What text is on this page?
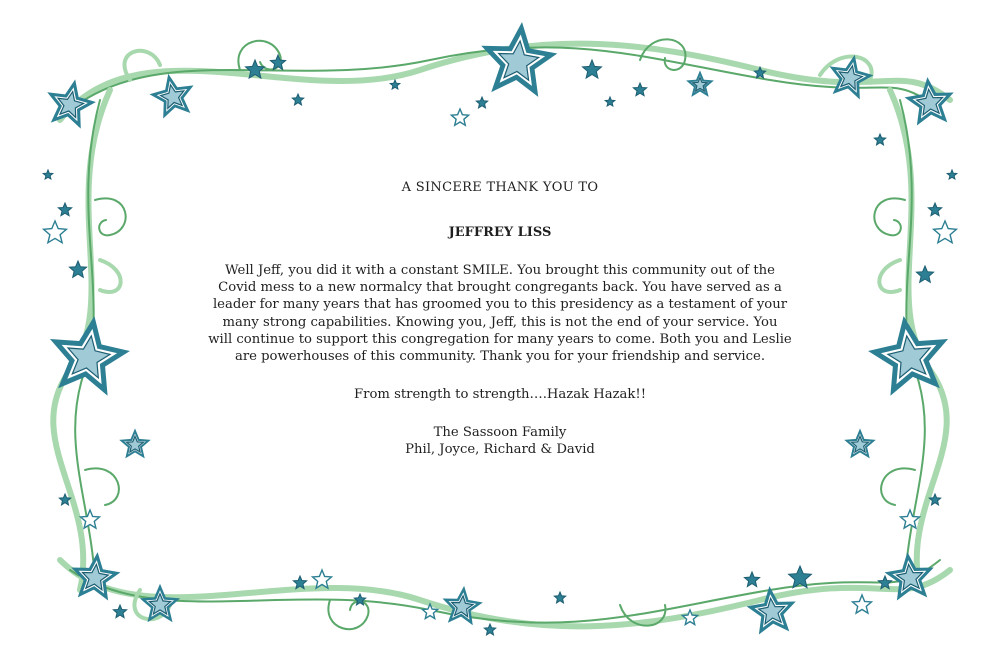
A SINCERE THANK YOU TO

JEFFREY LISS

Well Jeff, you did it with a constant SMILE. You brought this community out of the

Covid mess to a new normalcy that brought congregants back. You have served as a

leader for many years that has groomed you to this presidency as a testament of your

many strong capabilities. Knowing you, Jeff, this is not the end of your service. You

will continue to support this congregation for many years to come. Both you and Leslie

are powerhouses of this community. Thank you for your friendship and service.

From strength to strength….Hazak Hazak!!

The Sassoon Family
Phil, Joyce, Richard & David
